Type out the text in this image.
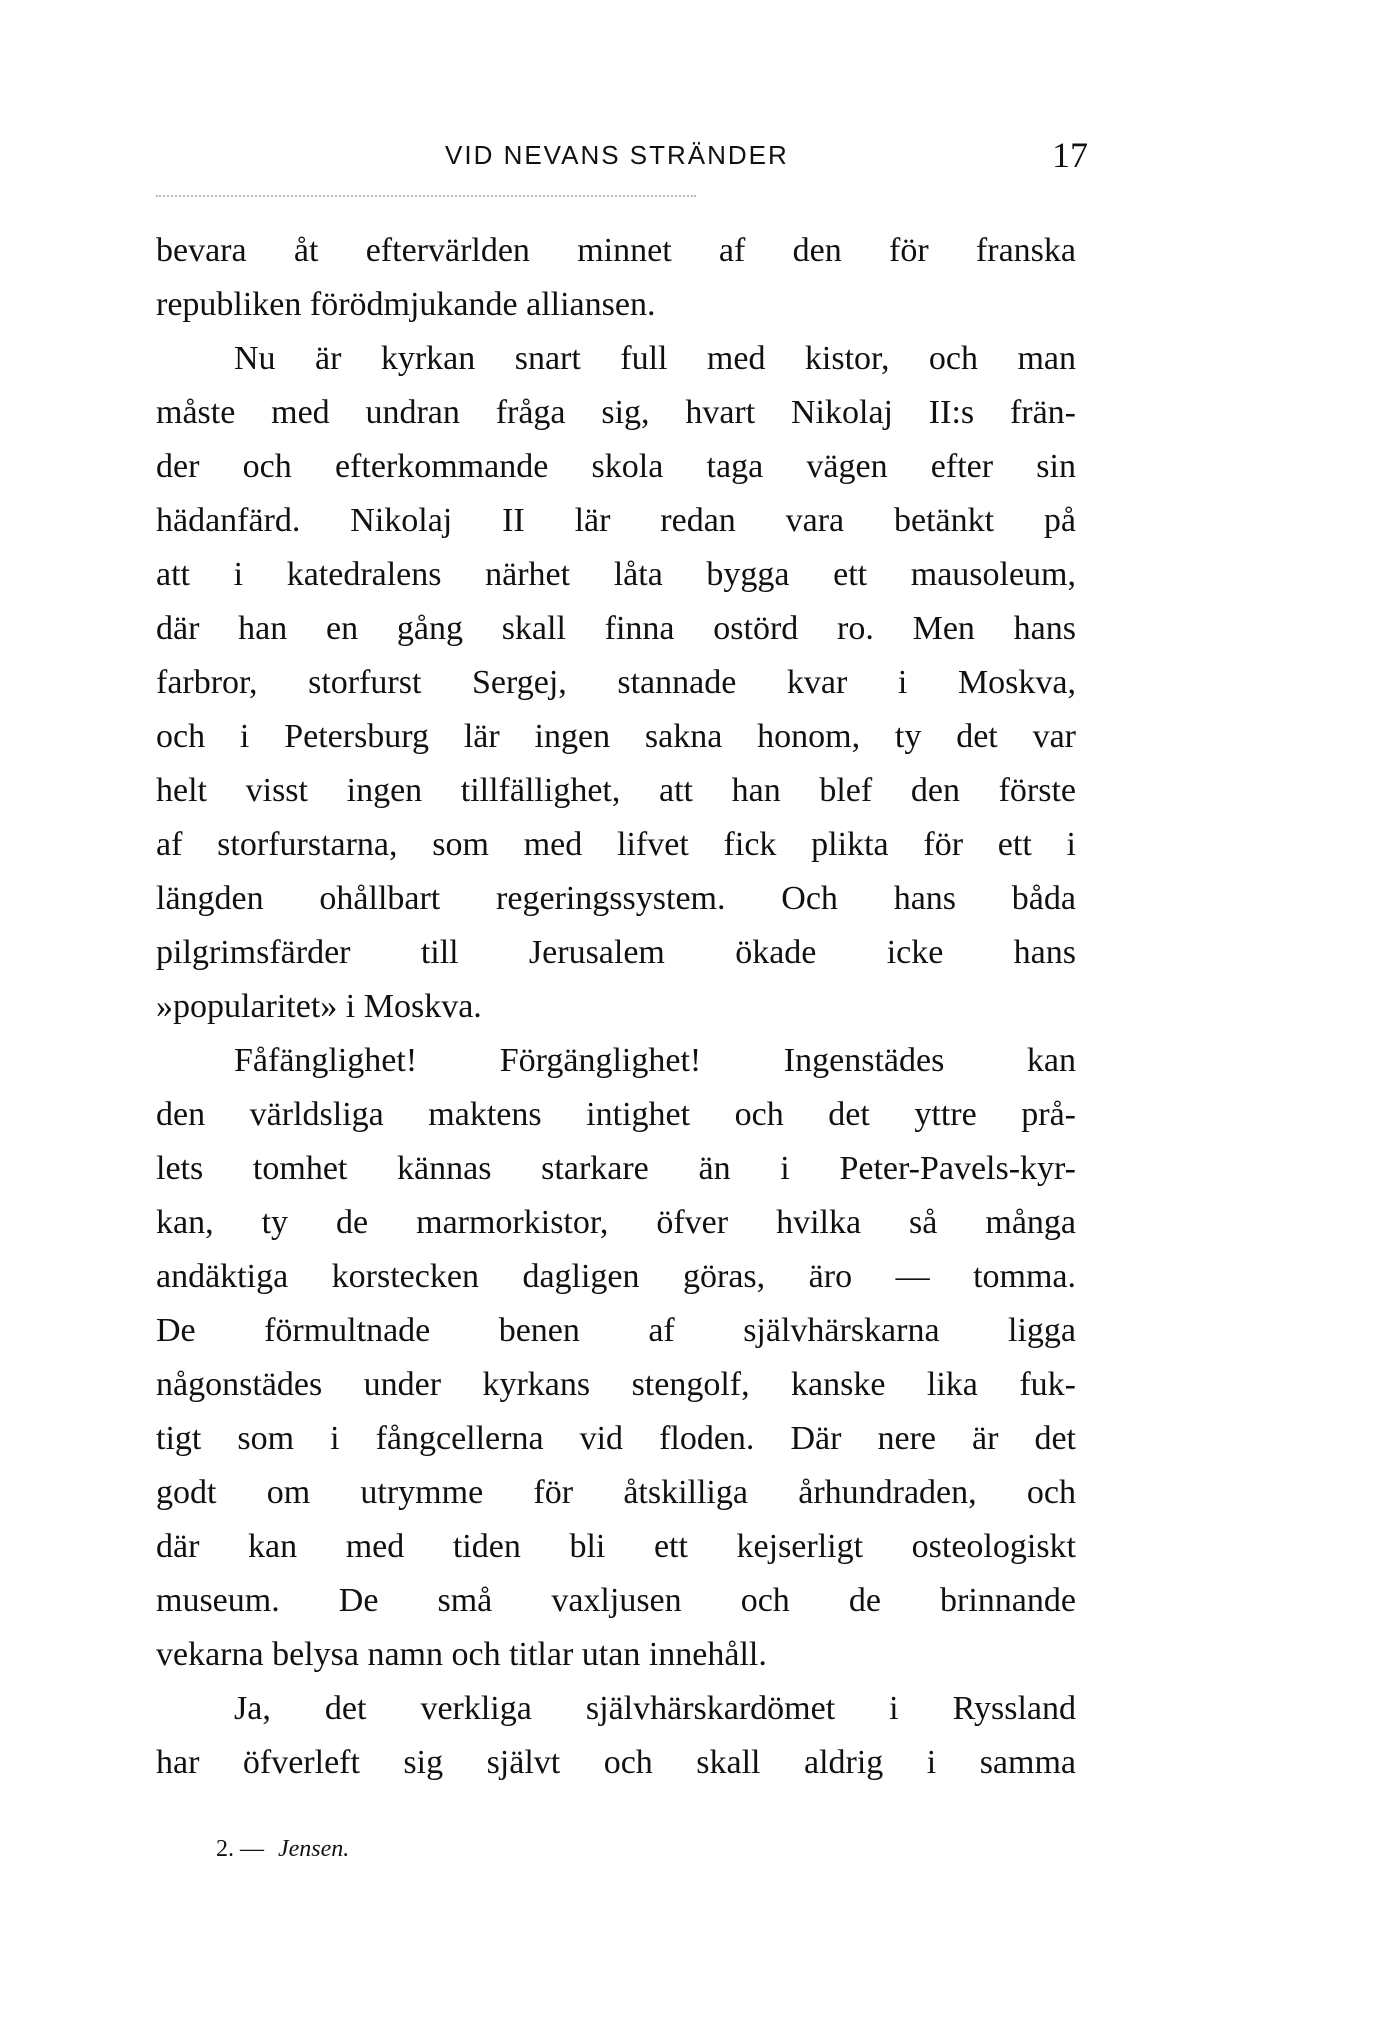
VID NEVANS STRÄNDER	17
bevara åt eftervärlden minnet af den för franska
republiken förödmjukande alliansen.
Nu är kyrkan snart full med kistor, och man
måste med undran fråga sig, hvart Nikolaj II:s frän-
der och efterkommande skola taga vägen efter sin
hädanfärd. Nikolaj II lär redan vara betänkt på
att i katedralens närhet låta bygga ett mausoleum,
där han en gång skall finna ostörd ro. Men hans
farbror, storfurst Sergej, stannade kvar i Moskva,
och i Petersburg lär ingen sakna honom, ty det var
helt visst ingen tillfällighet, att han blef den förste
af storfurstarna, som med lifvet fick plikta för ett i
längden ohållbart regeringssystem. Och hans båda
pilgrimsfärder till Jerusalem ökade icke hans
»popularitet» i Moskva.
Fåfänglighet! Förgänglighet! Ingenstädes kan
den världsliga maktens intighet och det yttre prå-
lets tomhet kännas starkare än i Peter-Pavels-kyr-
kan, ty de marmorkistor, öfver hvilka så många
andäktiga korstecken dagligen göras, äro — tomma.
De förmultnade benen af självhärskarna ligga
någonstädes under kyrkans stengolf, kanske lika fuk-
tigt som i fångcellerna vid floden. Där nere är det
godt om utrymme för åtskilliga århundraden, och
där kan med tiden bli ett kejserligt osteologiskt
museum. De små vaxljusen och de brinnande
vekarna belysa namn och titlar utan innehåll.
Ja, det verkliga självhärskardömet i Ryssland
har öfverleft sig självt och skall aldrig i samma
2. — Jensen.
